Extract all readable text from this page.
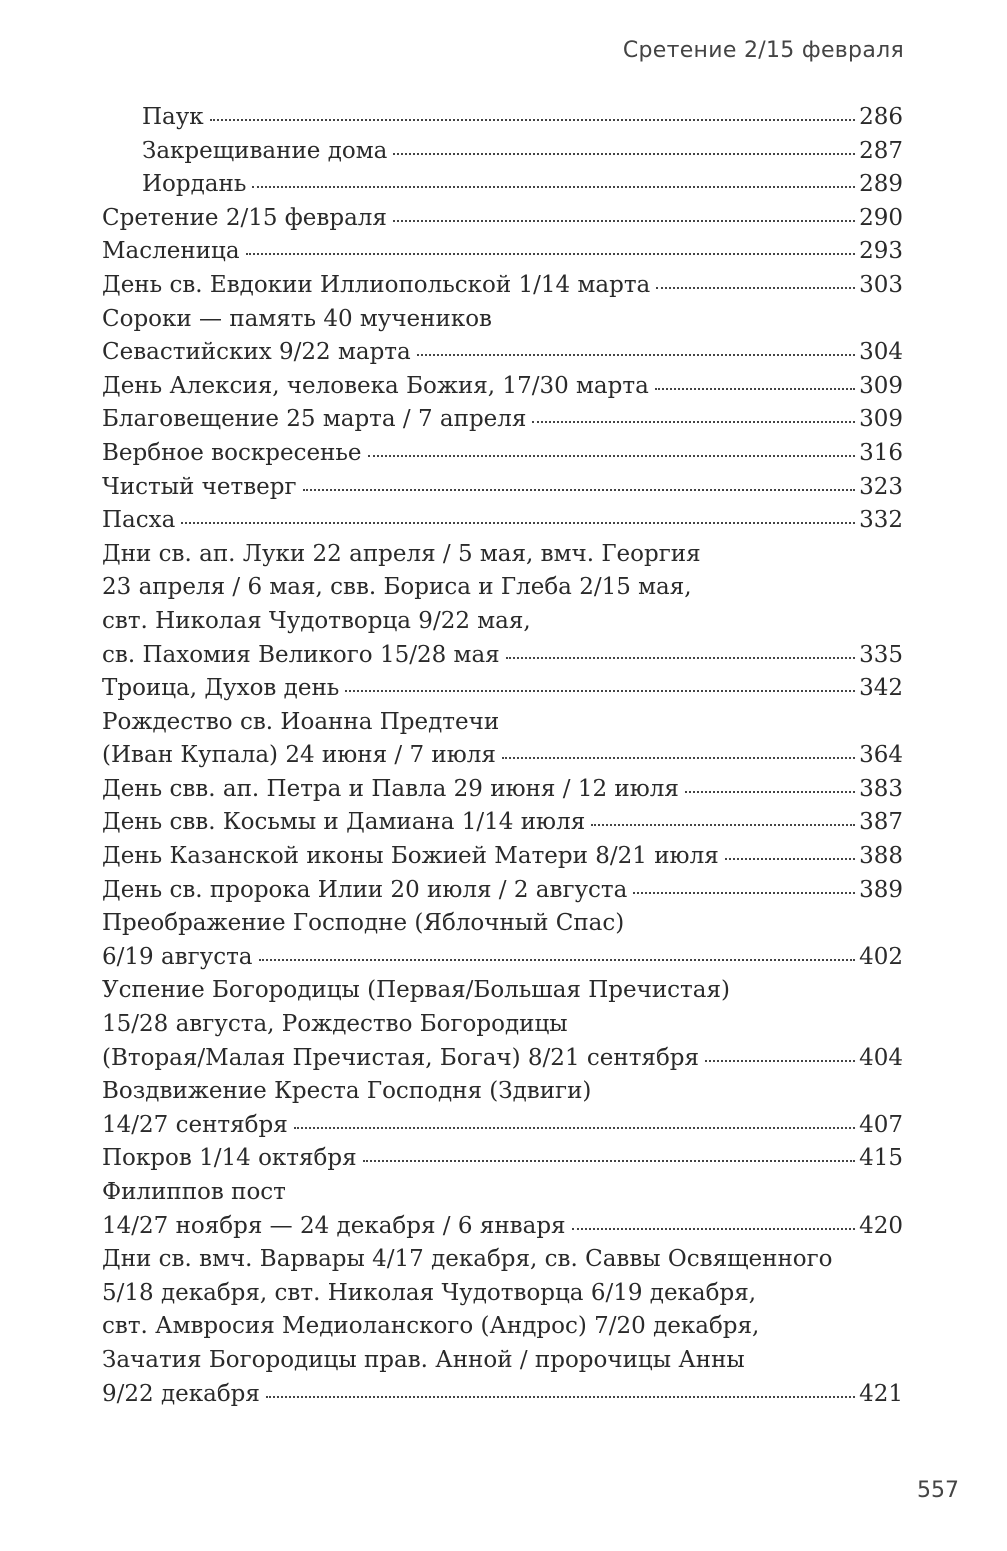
Сретение 2/15 февраля
Паук	286
Закрещивание дома	287
Иордань	289
Сретение 2/15 февраля	290
Масленица	293
День св. Евдокии Иллиопольской 1/14 марта	303
Сороки — память 40 мучеников
Севастийских 9/22 марта	304
День Алексия, человека Божия, 17/30 марта	309
Благовещение 25 марта / 7 апреля	309
Вербное воскресенье	316
Чистый четверг	323
Пасха	332
Дни св. ап. Луки 22 апреля / 5 мая, вмч. Георгия
23 апреля / 6 мая, свв. Бориса и Глеба 2/15 мая,
свт. Николая Чудотворца 9/22 мая,
св. Пахомия Великого 15/28 мая	335
Троица, Духов день	342
Рождество св. Иоанна Предтечи
(Иван Купала) 24 июня / 7 июля	364
День свв. ап. Петра и Павла 29 июня / 12 июля	383
День свв. Косьмы и Дамиана 1/14 июля	387
День Казанской иконы Божией Матери 8/21 июля	388
День св. пророка Илии 20 июля / 2 августа	389
Преображение Господне (Яблочный Спас)
6/19 августа	402
Успение Богородицы (Первая/Большая Пречистая)
15/28 августа, Рождество Богородицы
(Вторая/Малая Пречистая, Богач) 8/21 сентября	404
Воздвижение Креста Господня (Здвиги)
14/27 сентября	407
Покров 1/14 октября	415
Филиппов пост
14/27 ноября — 24 декабря / 6 января	420
Дни св. вмч. Варвары 4/17 декабря, св. Саввы Освященного
5/18 декабря, свт. Николая Чудотворца 6/19 декабря,
свт. Амвросия Медиоланского (Андрос) 7/20 декабря,
Зачатия Богородицы прав. Анной / пророчицы Анны
9/22 декабря	421
557
